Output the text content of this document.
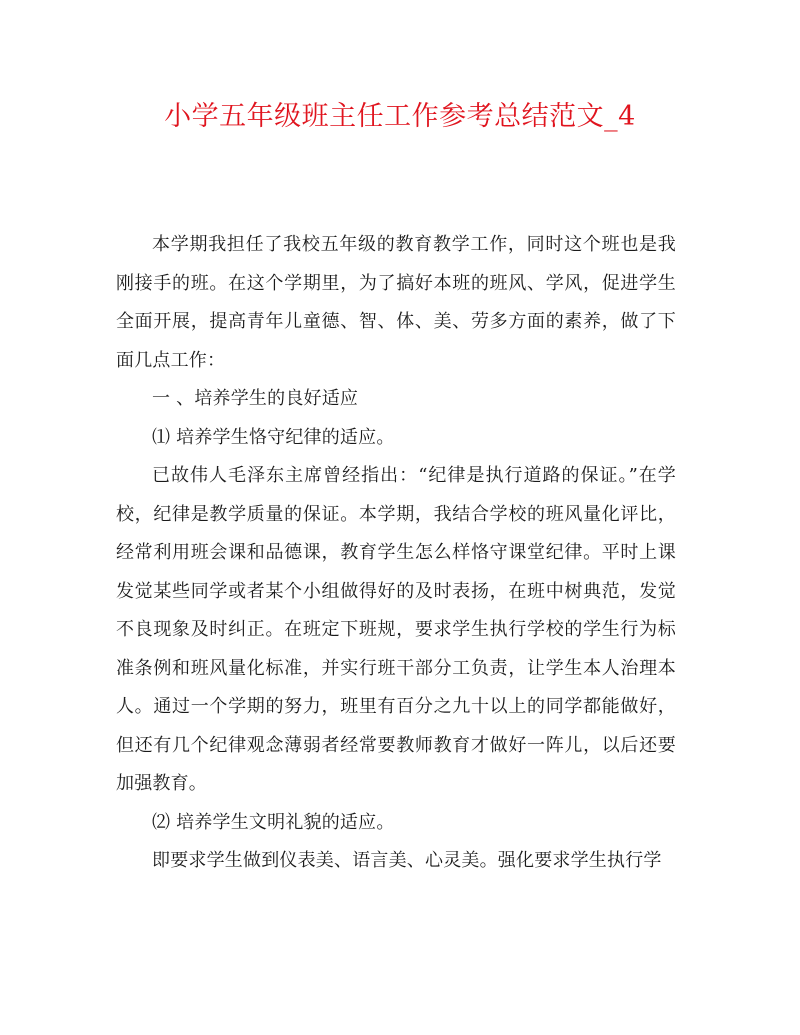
小学五年级班主任工作参考总结范文_4

本学期我担任了我校五年级的教育教学工作，同时这个班也是我刚接手的班。在这个学期里，为了搞好本班的班风、学风，促进学生全面开展，提高青年儿童德、智、体、美、劳多方面的素养，做了下面几点工作：

一 、培养学生的良好适应

⑴ 培养学生恪守纪律的适应。

已故伟人毛泽东主席曾经指出：“纪律是执行道路的保证。”在学校，纪律是教学质量的保证。本学期，我结合学校的班风量化评比，经常利用班会课和品德课，教育学生怎么样恪守课堂纪律。平时上课发觉某些同学或者某个小组做得好的及时表扬，在班中树典范，发觉不良现象及时纠正。在班定下班规，要求学生执行学校的学生行为标准条例和班风量化标准，并实行班干部分工负责，让学生本人治理本人。通过一个学期的努力，班里有百分之九十以上的同学都能做好，但还有几个纪律观念薄弱者经常要教师教育才做好一阵儿，以后还要加强教育。

⑵ 培养学生文明礼貌的适应。

即要求学生做到仪表美、语言美、心灵美。强化要求学生执行学
